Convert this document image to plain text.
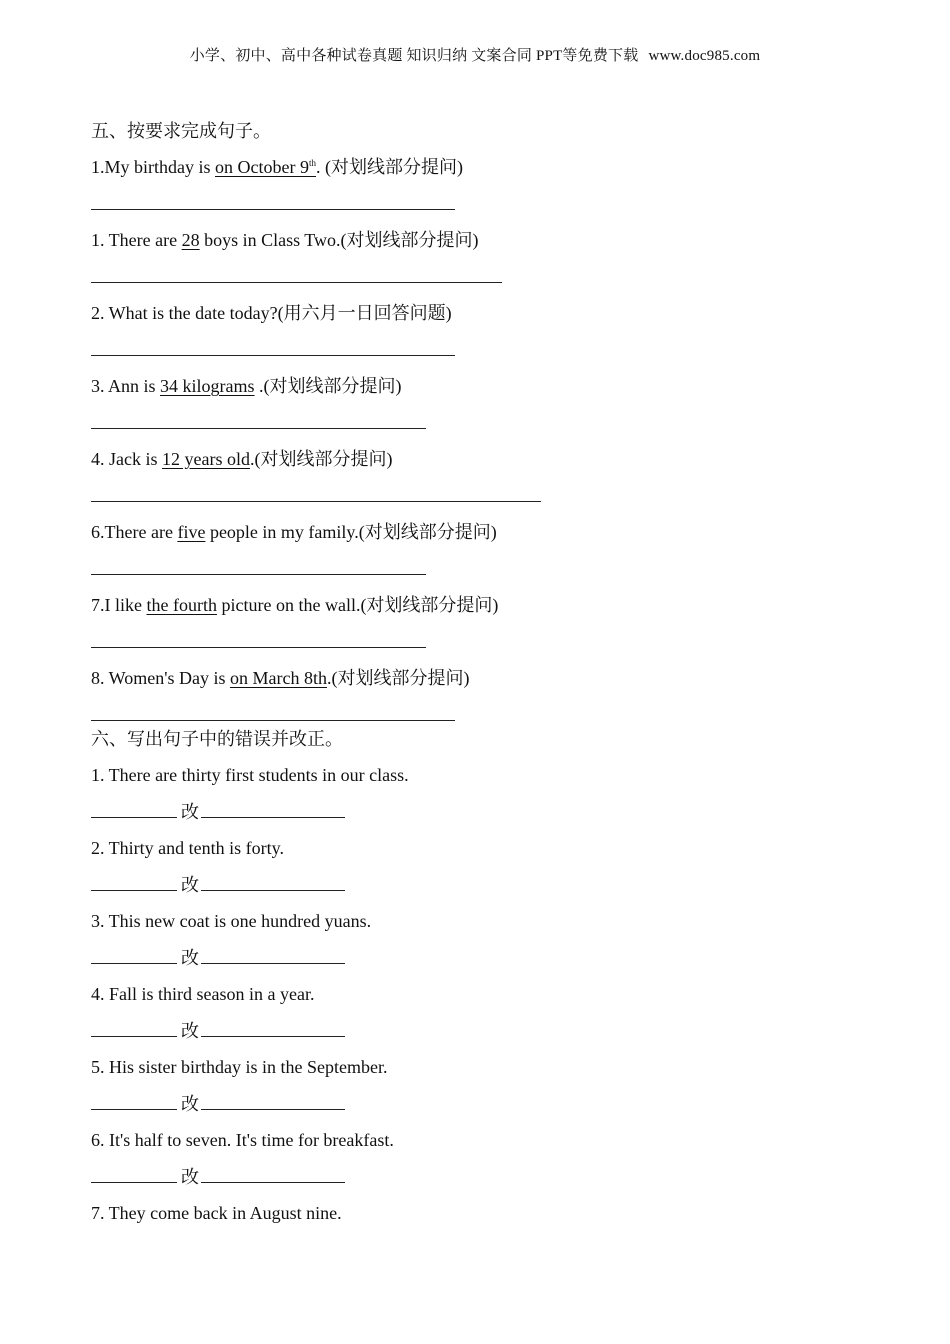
小学、初中、高中各种试卷真题 知识归纳 文案合同 PPT等免费下载 www.doc985.com
五、按要求完成句子。
1.My birthday is on October 9th. (对划线部分提问)
1. There are 28 boys in Class Two.(对划线部分提问)
2. What is the date today?(用六月一日回答问题)
3. Ann is 34 kilograms .(对划线部分提问)
4. Jack is 12 years old.(对划线部分提问)
6.There are five people in my family.(对划线部分提问)
7.I like the fourth picture on the wall.(对划线部分提问)
8. Women's Day is on March 8th.(对划线部分提问)
六、写出句子中的错误并改正。
1. There are thirty first students in our class.
改
2. Thirty and tenth is forty.
改
3. This new coat is one hundred yuans.
改
4. Fall is third season in a year.
改
5. His sister birthday is in the September.
改
6. It's half to seven. It's time for breakfast.
改
7. They come back in August nine.
